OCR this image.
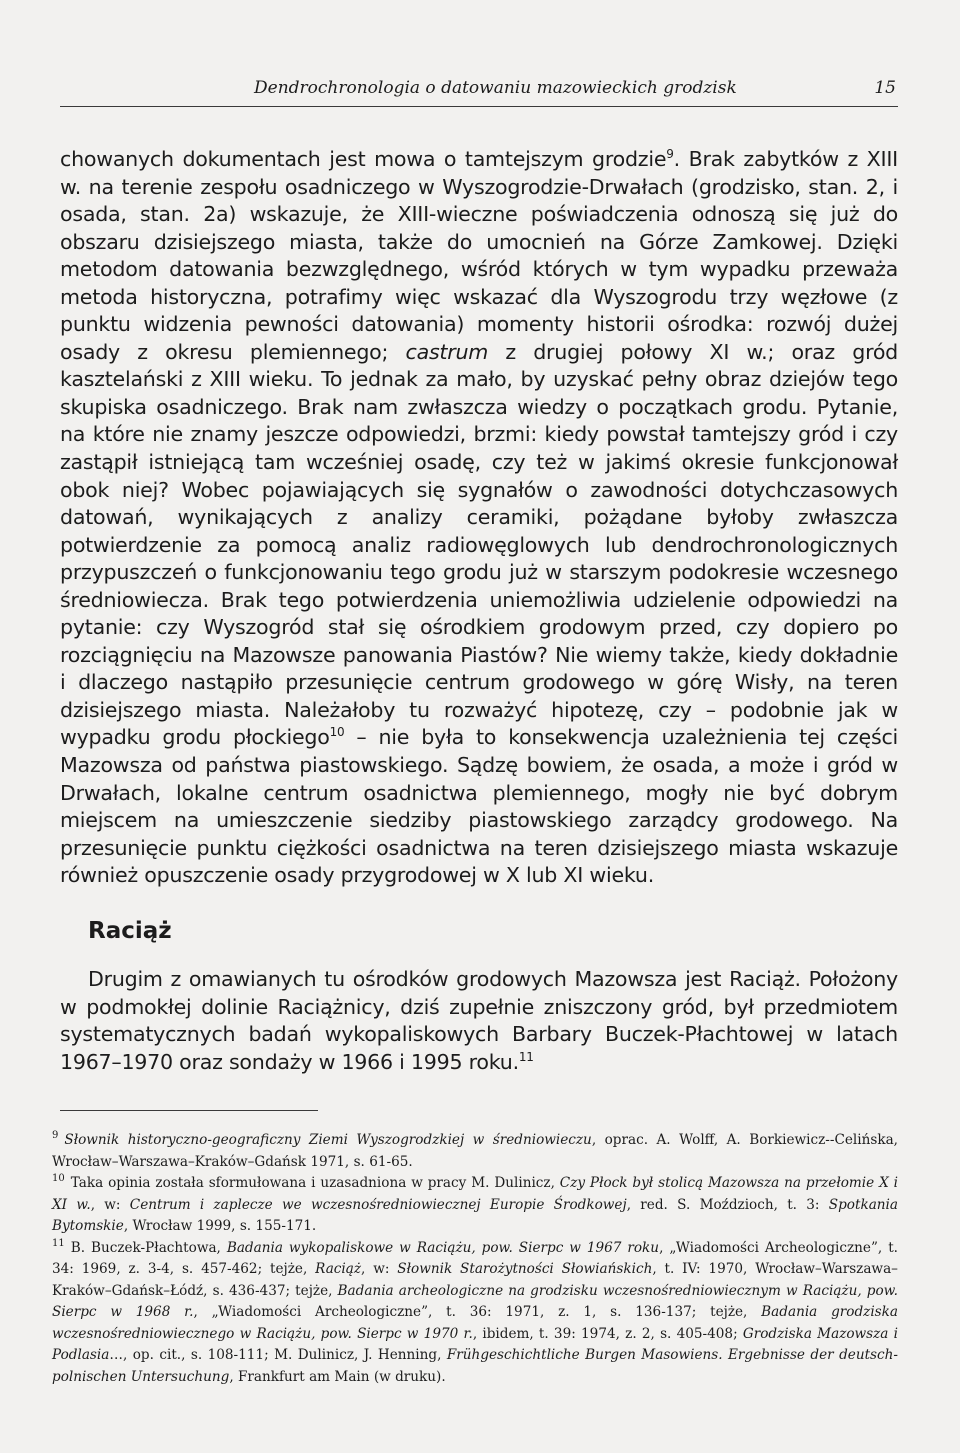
Dendrochronologia o datowaniu mazowieckich grodzisk	15

chowanych dokumentach jest mowa o tamtejszym grodzie$^9$. Brak zabytków z XIII w. na terenie zespołu osadniczego w Wyszogrodzie-Drwałach (grodzisko, stan. 2, i osada, stan. 2a) wskazuje, że XIII-wieczne poświadczenia odnoszą się już do obszaru dzisiejszego miasta, także do umocnień na Górze Zamkowej. Dzięki metodom datowania bezwzględnego, wśród których w tym wypadku przeważa metoda historyczna, potrafimy więc wskazać dla Wyszogrodu trzy węzłowe (z punktu widzenia pewności datowania) momenty historii ośrodka: rozwój dużej osady z okresu plemiennego; castrum z drugiej połowy XI w.; oraz gród kasztelański z XIII wieku. To jednak za mało, by uzyskać pełny obraz dziejów tego skupiska osadniczego. Brak nam zwłaszcza wiedzy o początkach grodu. Pytanie, na które nie znamy jeszcze odpowiedzi, brzmi: kiedy powstał tamtejszy gród i czy zastąpił istniejącą tam wcześniej osadę, czy też w jakimś okresie funkcjonował obok niej? Wobec pojawiających się sygnałów o zawodności dotychczasowych datowań, wynikających z analizy ceramiki, pożądane byłoby zwłaszcza potwierdzenie za pomocą analiz radiowęglowych lub dendrochronologicznych przypuszczeń o funkcjonowaniu tego grodu już w starszym podokresie wczesnego średniowiecza. Brak tego potwierdzenia uniemożliwia udzielenie odpowiedzi na pytanie: czy Wyszogród stał się ośrodkiem grodowym przed, czy dopiero po rozciągnięciu na Mazowsze panowania Piastów? Nie wiemy także, kiedy dokładnie i dlaczego nastąpiło przesunięcie centrum grodowego w górę Wisły, na teren dzisiejszego miasta. Należałoby tu rozważyć hipotezę, czy – podobnie jak w wypadku grodu płockiego$^{10}$ – nie była to konsekwencja uzależnienia tej części Mazowsza od państwa piastowskiego. Sądzę bowiem, że osada, a może i gród w Drwałach, lokalne centrum osadnictwa plemiennego, mogły nie być dobrym miejscem na umieszczenie siedziby piastowskiego zarządcy grodowego. Na przesunięcie punktu ciężkości osadnictwa na teren dzisiejszego miasta wskazuje również opuszczenie osady przygrodowej w X lub XI wieku.

Raciąż

Drugim z omawianych tu ośrodków grodowych Mazowsza jest Raciąż. Położony w podmokłej dolinie Raciążnicy, dziś zupełnie zniszczony gród, był przedmiotem systematycznych badań wykopaliskowych Barbary Buczek-Płachtowej w latach 1967–1970 oraz sondaży w 1966 i 1995 roku.$^{11}$

$^9$ Słownik historyczno-geograficzny Ziemi Wyszogrodzkiej w średniowieczu, oprac. A. Wolff, A. Borkiewicz--Celińska, Wrocław–Warszawa–Kraków–Gdańsk 1971, s. 61-65.

$^{10}$ Taka opinia została sformułowana i uzasadniona w pracy M. Dulinicz, Czy Płock był stolicą Mazowsza na przełomie X i XI w., w: Centrum i zaplecze we wczesnośredniowiecznej Europie Środkowej, red. S. Moździoch, t. 3: Spotkania Bytomskie, Wrocław 1999, s. 155-171.

$^{11}$ B. Buczek-Płachtowa, Badania wykopaliskowe w Raciążu, pow. Sierpc w 1967 roku, „Wiadomości Archeologiczne”, t. 34: 1969, z. 3-4, s. 457-462; tejże, Raciąż, w: Słownik Starożytności Słowiańskich, t. IV: 1970, Wrocław–Warszawa–Kraków–Gdańsk–Łódź, s. 436-437; tejże, Badania archeologiczne na grodzisku wczesnośredniowiecznym w Raciążu, pow. Sierpc w 1968 r., „Wiadomości Archeologiczne”, t. 36: 1971, z. 1, s. 136-137; tejże, Badania grodziska wczesnośredniowiecznego w Raciążu, pow. Sierpc w 1970 r., ibidem, t. 39: 1974, z. 2, s. 405-408; Grodziska Mazowsza i Podlasia…, op. cit., s. 108-111; M. Dulinicz, J. Henning, Frühgeschichtliche Burgen Masowiens. Ergebnisse der deutsch-polnischen Untersuchung, Frankfurt am Main (w druku).
